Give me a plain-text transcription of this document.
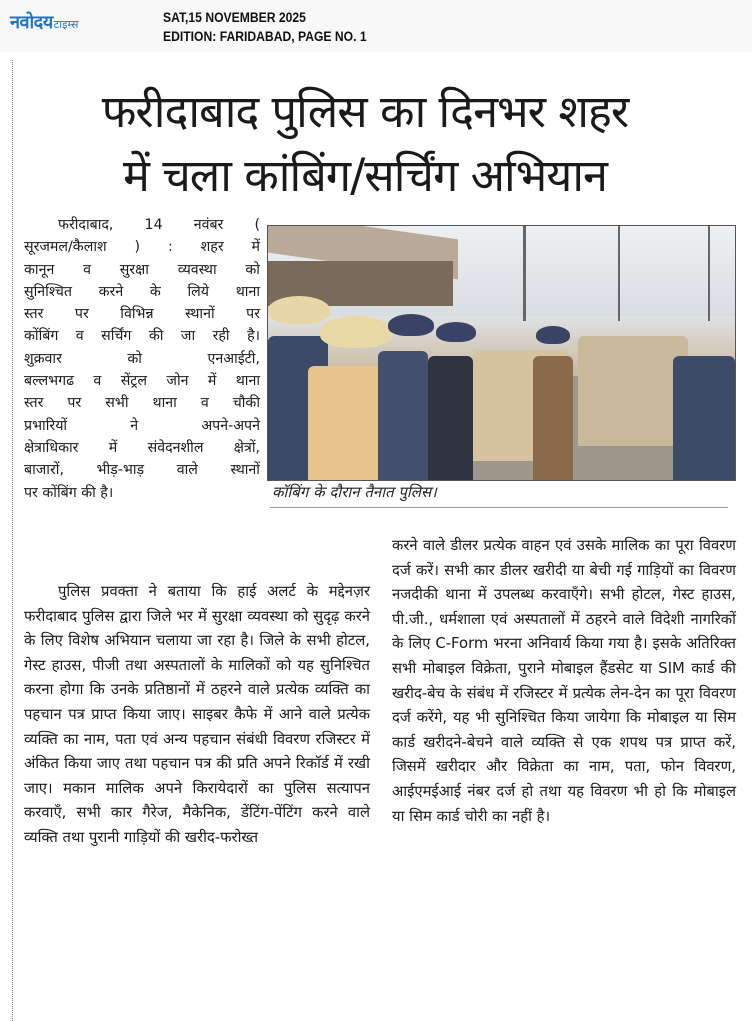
नवोदय टाइम्स	SAT,15 NOVEMBER 2025
EDITION: FARIDABAD, PAGE NO. 1
फरीदाबाद पुलिस का दिनभर शहर
में चला कांबिंग/सर्चिंग अभियान

फरीदाबाद, 14 नवंबर (

सूरजमल/कैलाश ) : शहर में

कानून व सुरक्षा व्यवस्था को

सुनिश्चित करने के लिये थाना

स्तर पर विभिन्न स्थानों पर

कोंबिंग व सर्चिंग की जा रही है।

शुक्रवार को एनआईटी,

बल्लभगढ व सेंट्रल जोन में थाना

स्तर पर सभी थाना व चौकी

प्रभारियों ने अपने-अपने

क्षेत्राधिकार में संवेदनशील क्षेत्रों,

बाजारों, भीड़-भाड़ वाले स्थानों

पर कोंबिंग की है।	कॉबिंग के दौरान तैनात पुलिस।

पुलिस प्रवक्ता ने बताया कि हाई अलर्ट के मद्देनज़र फरीदाबाद पुलिस द्वारा जिले भर में सुरक्षा व्यवस्था को सुदृढ़ करने के लिए विशेष अभियान चलाया जा रहा है। जिले के सभी होटल, गेस्ट हाउस, पीजी तथा अस्पतालों के मालिकों को यह सुनिश्चित करना होगा कि उनके प्रतिष्ठानों में ठहरने वाले प्रत्येक व्यक्ति का पहचान पत्र प्राप्त किया जाए। साइबर कैफे में आने वाले प्रत्येक व्यक्ति का नाम, पता एवं अन्य पहचान संबंधी विवरण रजिस्टर में अंकित किया जाए तथा पहचान पत्र की प्रति अपने रिकॉर्ड में रखी जाए। मकान मालिक अपने किरायेदारों का पुलिस सत्यापन करवाएँ, सभी कार गैरेज, मैकेनिक, डेंटिंग-पेंटिंग करने वाले व्यक्ति तथा पुरानी गाड़ियों की खरीद-फरोख्त

करने वाले डीलर प्रत्येक वाहन एवं उसके मालिक का पूरा विवरण दर्ज करें। सभी कार डीलर खरीदी या बेची गई गाड़ियों का विवरण नजदीकी थाना में उपलब्ध करवाएँगे। सभी होटल, गेस्ट हाउस, पी.जी., धर्मशाला एवं अस्पतालों में ठहरने वाले विदेशी नागरिकों के लिए C-Form भरना अनिवार्य किया गया है। इसके अतिरिक्त सभी मोबाइल विक्रेता, पुराने मोबाइल हैंडसेट या SIM कार्ड की खरीद-बेच के संबंध में रजिस्टर में प्रत्येक लेन-देन का पूरा विवरण दर्ज करेंगे, यह भी सुनिश्चित किया जायेगा कि मोबाइल या सिम कार्ड खरीदने-बेचने वाले व्यक्ति से एक शपथ पत्र प्राप्त करें, जिसमें खरीदार और विक्रेता का नाम, पता, फोन विवरण, आईएमईआई नंबर दर्ज हो तथा यह विवरण भी हो कि मोबाइल या सिम कार्ड चोरी का नहीं है।
